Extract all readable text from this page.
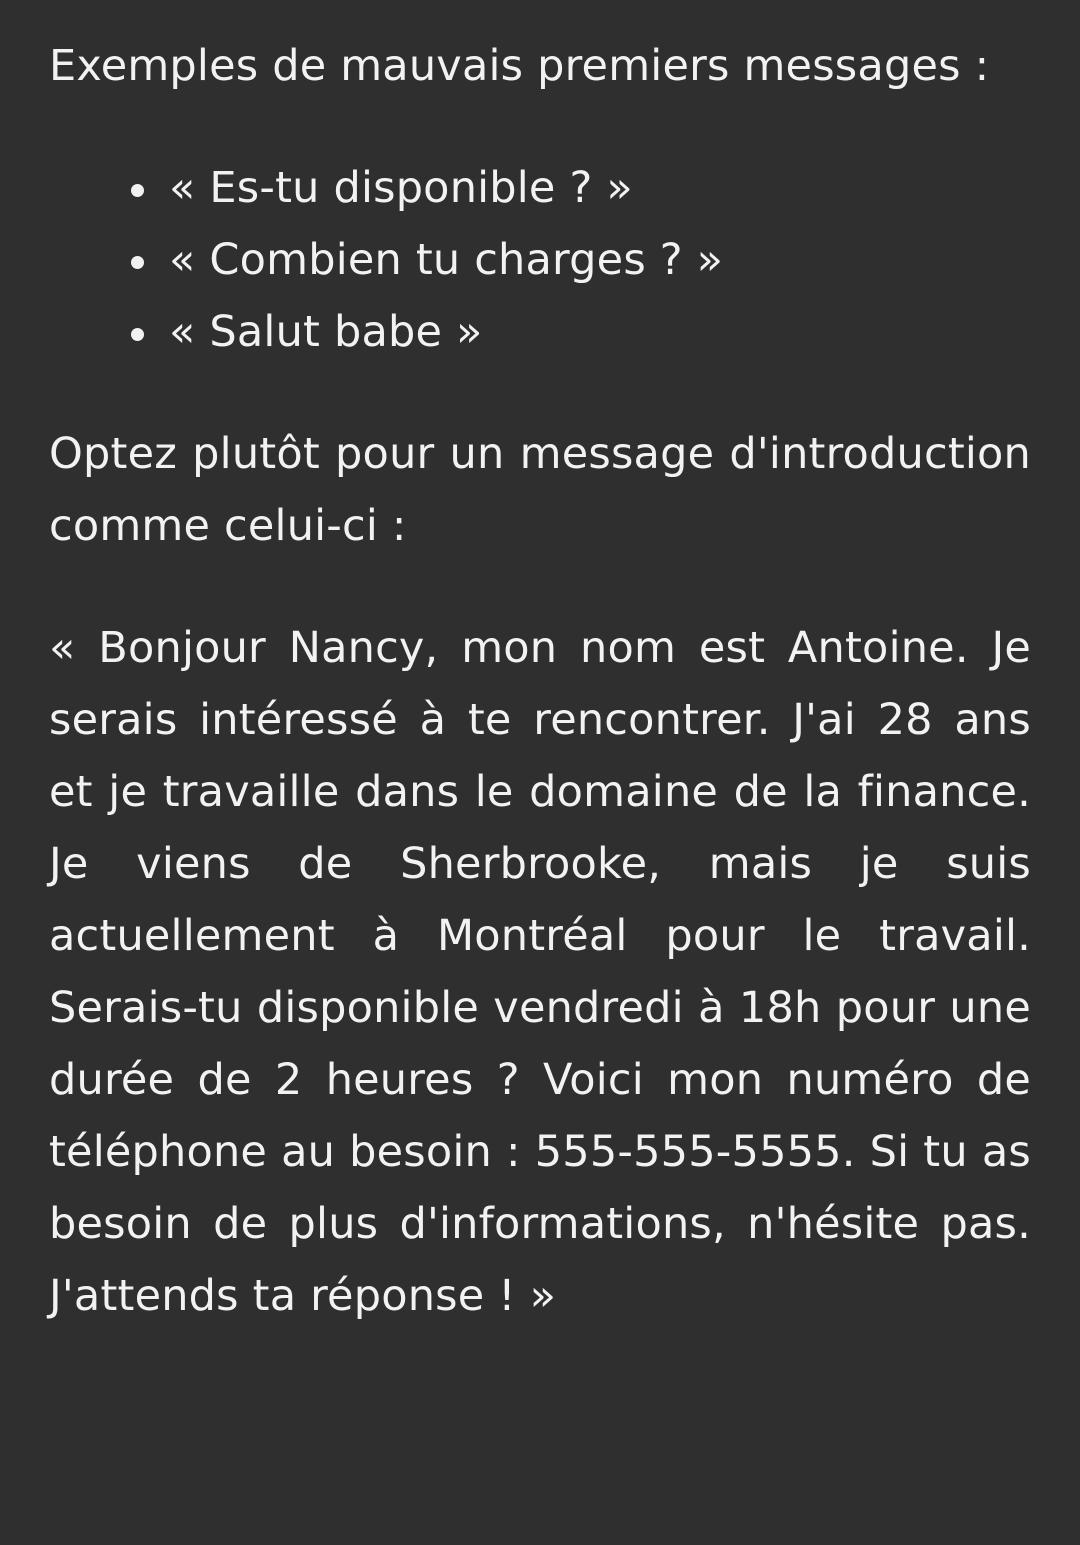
Exemples de mauvais premiers messages :

« Es-tu disponible ? »
« Combien tu charges ? »
« Salut babe »

Optez plutôt pour un message d'introduction comme celui-ci :

« Bonjour Nancy, mon nom est Antoine. Je serais intéressé à te rencontrer. J'ai 28 ans et je travaille dans le domaine de la finance. Je viens de Sherbrooke, mais je suis actuellement à Montréal pour le travail. Serais-tu disponible vendredi à 18h pour une durée de 2 heures ? Voici mon numéro de téléphone au besoin : 555-555-5555. Si tu as besoin de plus d'informations, n'hésite pas. J'attends ta réponse ! »
